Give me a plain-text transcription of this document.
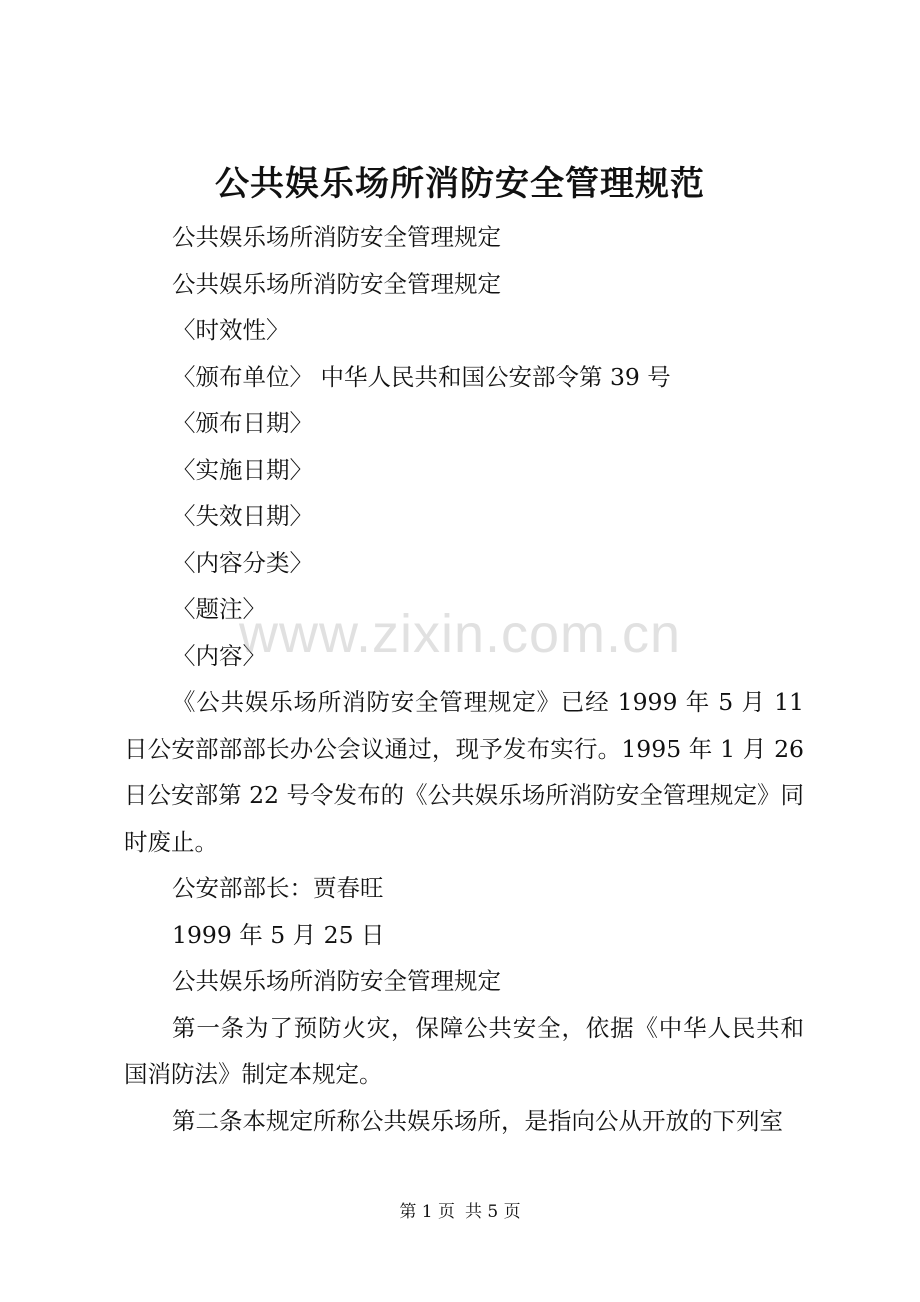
公共娱乐场所消防安全管理规范

公共娱乐场所消防安全管理规定

公共娱乐场所消防安全管理规定

〈时效性〉

〈颁布单位〉 中华人民共和国公安部令第 39 号

〈颁布日期〉

〈实施日期〉

〈失效日期〉

〈内容分类〉

〈题注〉

〈内容〉

《公共娱乐场所消防安全管理规定》已经 1999 年 5 月 11 日公安部部部长办公会议通过，现予发布实行。1995 年 1 月 26 日公安部第 22 号令发布的《公共娱乐场所消防安全管理规定》同时废止。

公安部部长：贾春旺

1999 年 5 月 25 日

公共娱乐场所消防安全管理规定

第一条为了预防火灾，保障公共安全，依据《中华人民共和国消防法》制定本规定。

第二条本规定所称公共娱乐场所，是指向公从开放的下列室

www.zixin.com.cn
第 1 页 共 5 页
